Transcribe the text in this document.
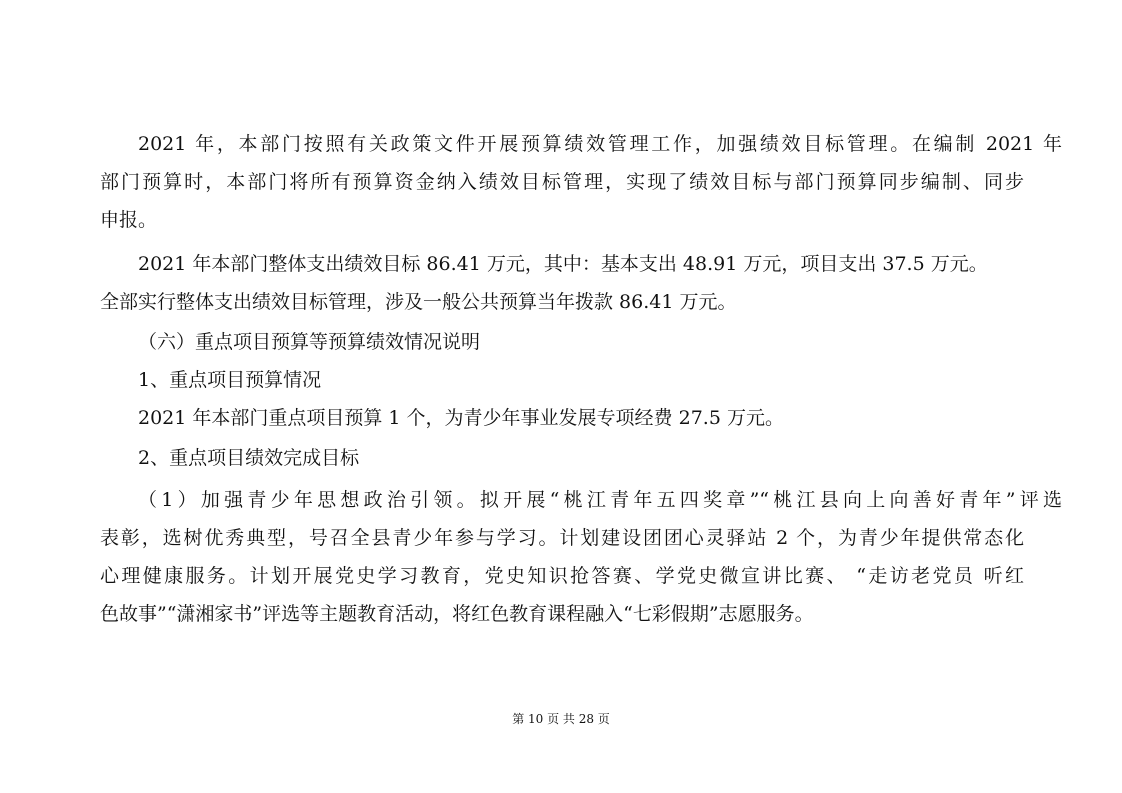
2021 年，本部门按照有关政策文件开展预算绩效管理工作，加强绩效目标管理。在编制 2021 年

部门预算时，本部门将所有预算资金纳入绩效目标管理，实现了绩效目标与部门预算同步编制、同步

申报。

2021 年本部门整体支出绩效目标 86.41 万元，其中：基本支出 48.91 万元，项目支出 37.5 万元。

全部实行整体支出绩效目标管理，涉及一般公共预算当年拨款 86.41 万元。

（六）重点项目预算等预算绩效情况说明

1、重点项目预算情况

2021 年本部门重点项目预算 1 个，为青少年事业发展专项经费 27.5 万元。

2、重点项目绩效完成目标

（1）加强青少年思想政治引领。拟开展“桃江青年五四奖章”“桃江县向上向善好青年”评选

表彰，选树优秀典型，号召全县青少年参与学习。计划建设团团心灵驿站 2 个，为青少年提供常态化

心理健康服务。计划开展党史学习教育，党史知识抢答赛、学党史微宣讲比赛、 “走访老党员 听红

色故事”“潇湘家书”评选等主题教育活动，将红色教育课程融入“七彩假期”志愿服务。

第 10 页 共 28 页
